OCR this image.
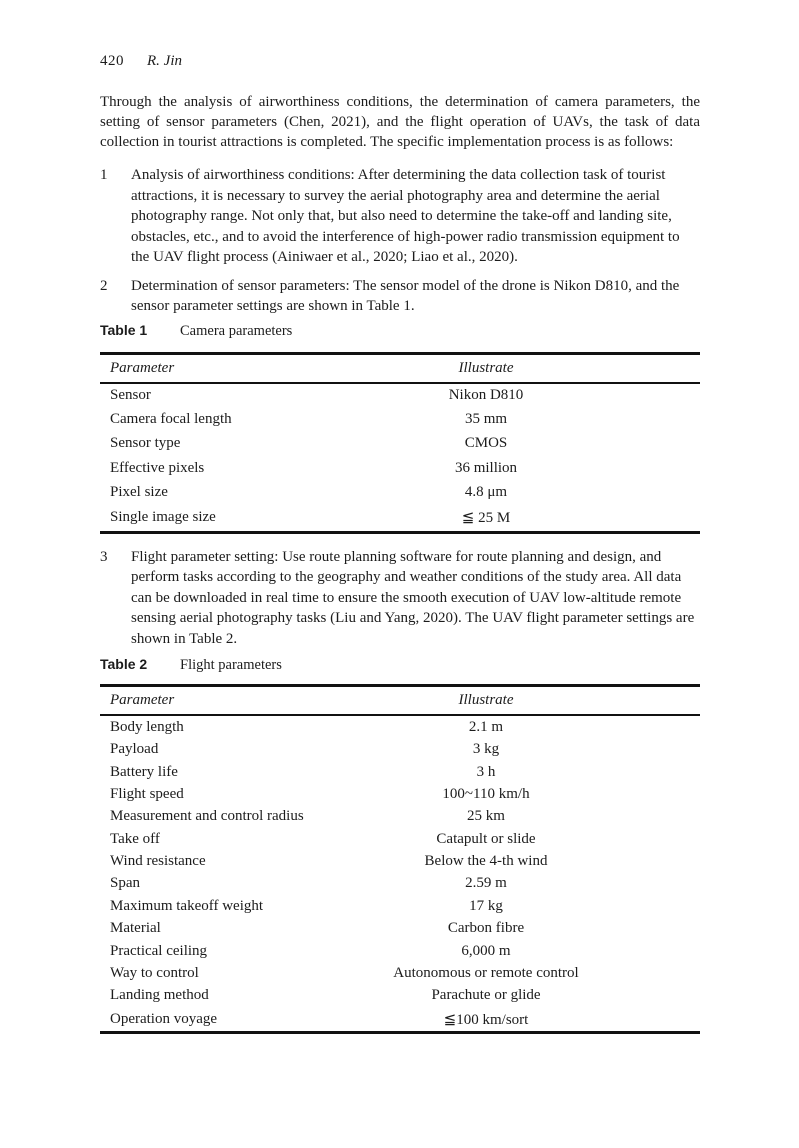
420 R. Jin

Through the analysis of airworthiness conditions, the determination of camera parameters, the setting of sensor parameters (Chen, 2021), and the flight operation of UAVs, the task of data collection in tourist attractions is completed. The specific implementation process is as follows:

1	Analysis of airworthiness conditions: After determining the data collection task of tourist attractions, it is necessary to survey the aerial photography area and determine the aerial photography range. Not only that, but also need to determine the take-off and landing site, obstacles, etc., and to avoid the interference of high-power radio transmission equipment to the UAV flight process (Ainiwaer et al., 2020; Liao et al., 2020).
2	Determination of sensor parameters: The sensor model of the drone is Nikon D810, and the sensor parameter settings are shown in Table 1.
Table 1	Camera parameters
Parameter	Illustrate
Sensor	Nikon D810
Camera focal length	35 mm
Sensor type	CMOS
Effective pixels	36 million
Pixel size	4.8 μm
Single image size	≦ 25 M
3	Flight parameter setting: Use route planning software for route planning and design, and perform tasks according to the geography and weather conditions of the study area. All data can be downloaded in real time to ensure the smooth execution of UAV low-altitude remote sensing aerial photography tasks (Liu and Yang, 2020). The UAV flight parameter settings are shown in Table 2.
Table 2	Flight parameters
Parameter	Illustrate
Body length	2.1 m
Payload	3 kg
Battery life	3 h
Flight speed	100~110 km/h
Measurement and control radius	25 km
Take off	Catapult or slide
Wind resistance	Below the 4-th wind
Span	2.59 m
Maximum takeoff weight	17 kg
Material	Carbon fibre
Practical ceiling	6,000 m
Way to control	Autonomous or remote control
Landing method	Parachute or glide
Operation voyage	≦100 km/sort
